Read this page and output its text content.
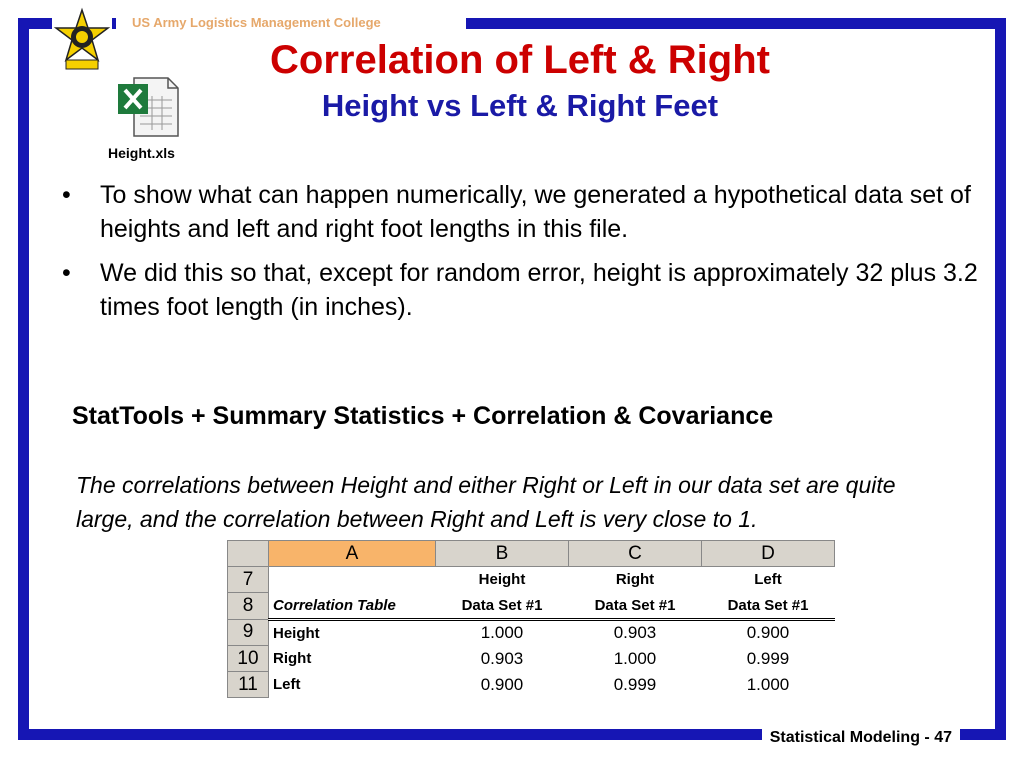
US Army Logistics Management College
Correlation of Left & Right
Height vs Left & Right Feet
Height.xls
• To show what can happen numerically, we generated a hypothetical data set of heights and left and right foot lengths in this file.
• We did this so that, except for random error, height is approximately 32 plus 3.2 times foot length (in inches).
StatTools + Summary Statistics + Correlation & Covariance
The correlations between Height and either Right or Left in our data set are quite large, and the correlation between Right and Left is very close to 1.
	A	B	C	D
7		Height	Right	Left
8	Correlation Table	Data Set #1	Data Set #1	Data Set #1
9	Height	1.000	0.903	0.900
10	Right	0.903	1.000	0.999
11	Left	0.900	0.999	1.000
Statistical Modeling - 47
